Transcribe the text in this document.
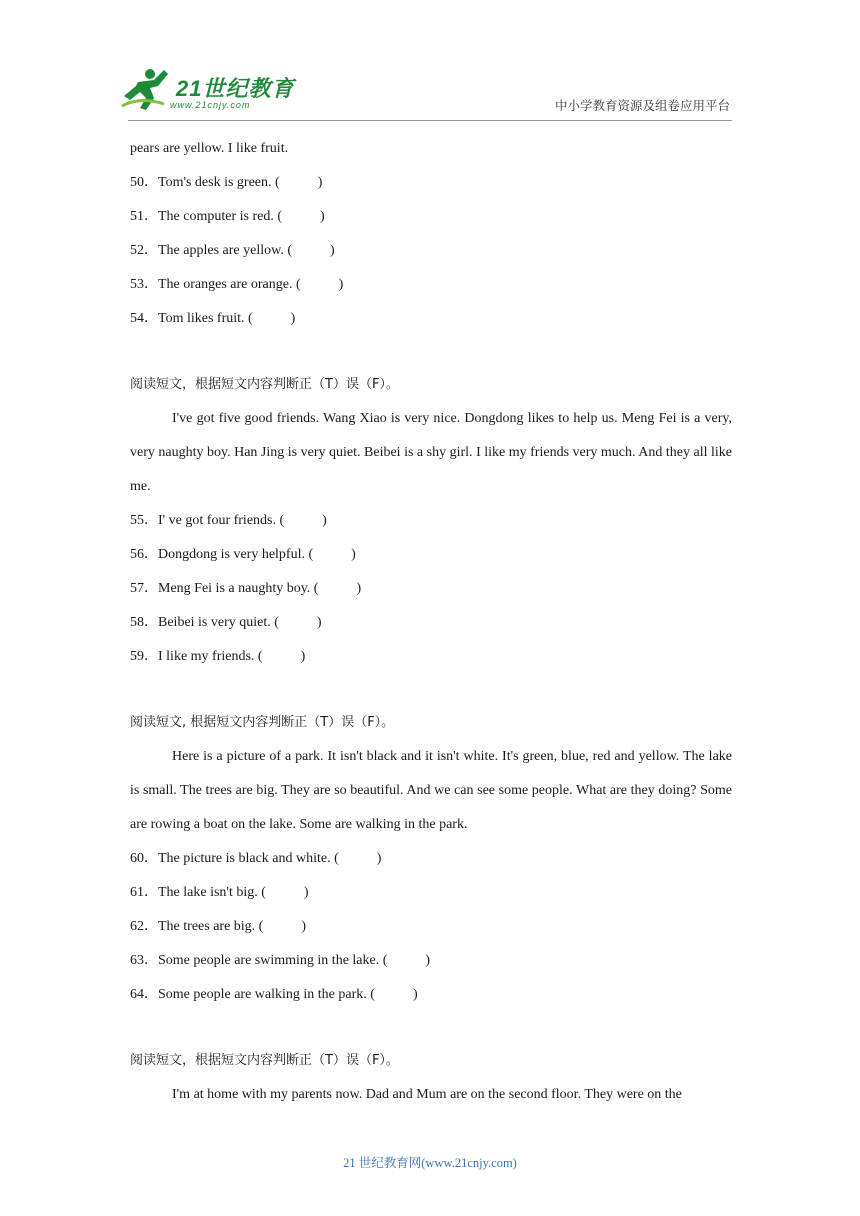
21世纪教育
www.21cnjy.com	中小学教育资源及组卷应用平台
pears are yellow. I like fruit.
50．Tom's desk is green. (	)
51．The computer is red. (	)
52．The apples are yellow. (	)
53．The oranges are orange. (	)
54．Tom likes fruit. (	)
阅读短文，根据短文内容判断正（T）误（F）。
I've got five good friends. Wang Xiao is very nice. Dongdong likes to help us. Meng Fei is a very, very naughty boy. Han Jing is very quiet. Beibei is a shy girl. I like my friends very much. And they all like me.
55．I' ve got four friends. (	)
56．Dongdong is very helpful. (	)
57．Meng Fei is a naughty boy. (	)
58．Beibei is very quiet. (	)
59．I like my friends. (	)
阅读短文, 根据短文内容判断正（T）误（F）。
Here is a picture of a park. It isn't black and it isn't white. It's green, blue, red and yellow. The lake is small. The trees are big. They are so beautiful. And we can see some people. What are they doing? Some are rowing a boat on the lake. Some are walking in the park.
60．The picture is black and white. (	)
61．The lake isn't big. (	)
62．The trees are big. (	)
63．Some people are swimming in the lake. (	)
64．Some people are walking in the park. (	)
阅读短文，根据短文内容判断正（T）误（F）。
I'm at home with my parents now. Dad and Mum are on the second floor. They were on the
21 世纪教育网(www.21cnjy.com)
